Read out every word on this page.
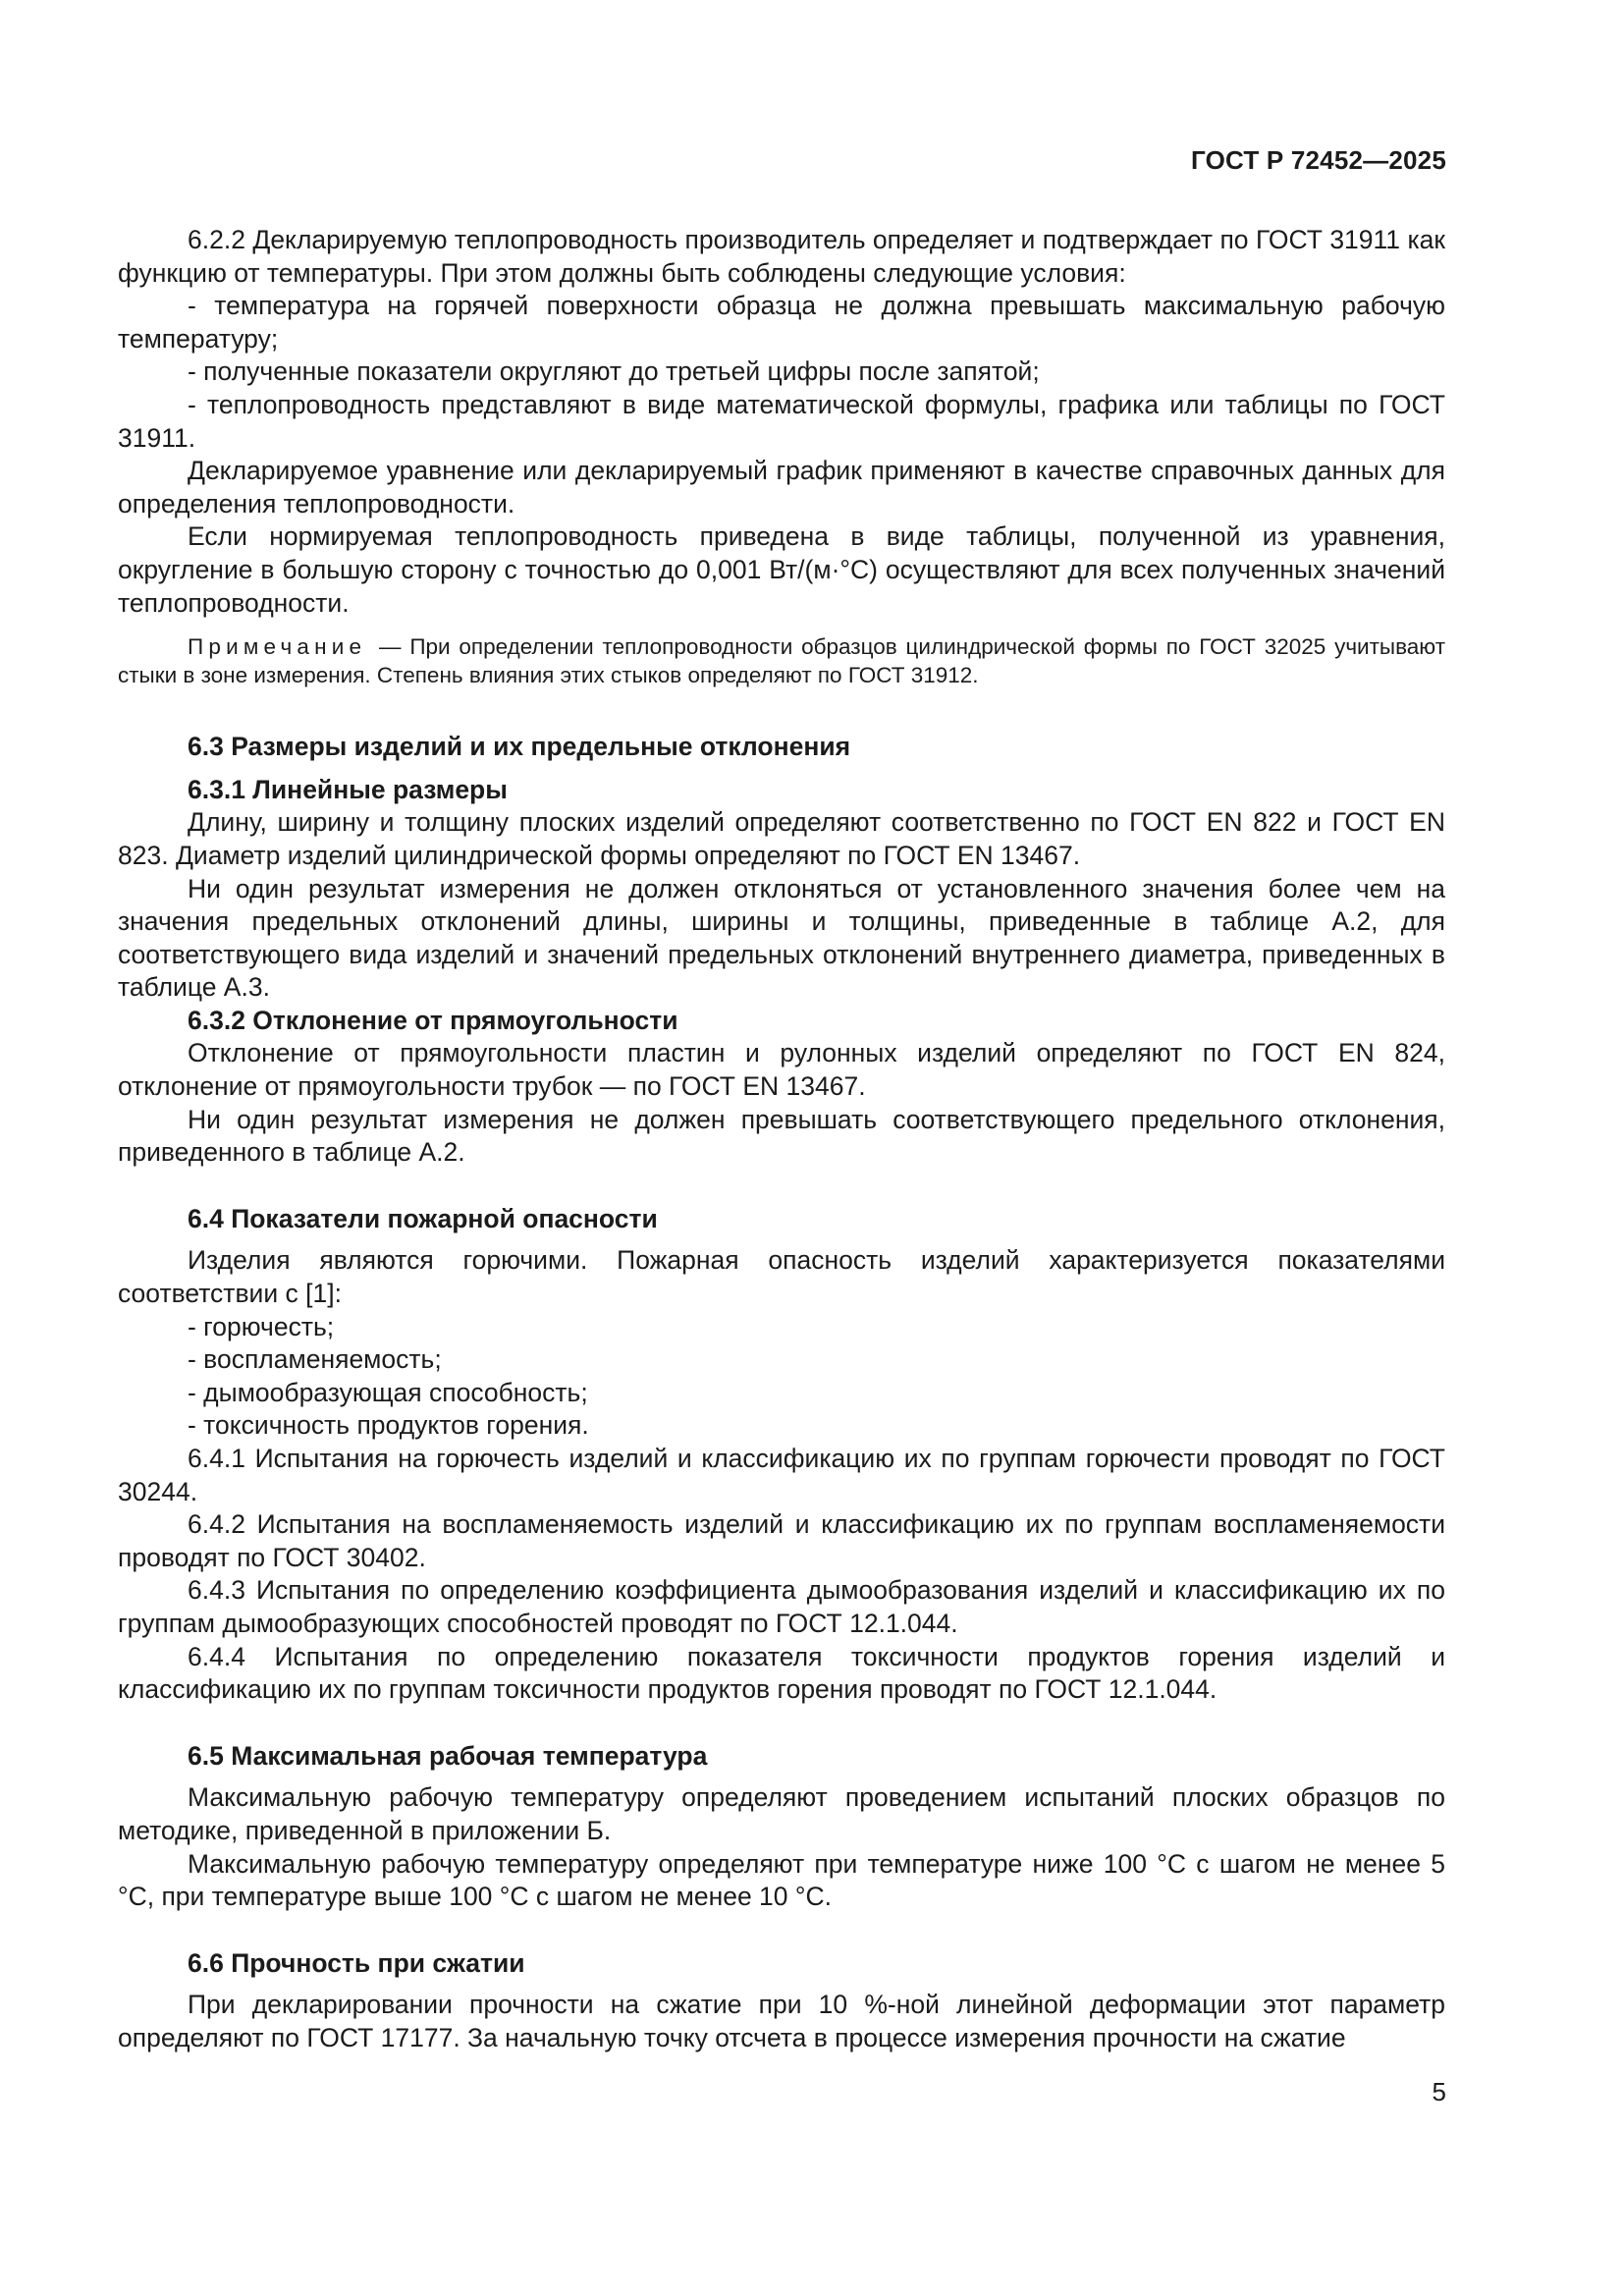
ГОСТ Р 72452—2025

6.2.2 Декларируемую теплопроводность производитель определяет и подтверждает по ГОСТ 31911 как функцию от температуры. При этом должны быть соблюдены следующие условия:

- температура на горячей поверхности образца не должна превышать максимальную рабочую температуру;

- полученные показатели округляют до третьей цифры после запятой;

- теплопроводность представляют в виде математической формулы, графика или таблицы по ГОСТ 31911.

Декларируемое уравнение или декларируемый график применяют в качестве справочных данных для определения теплопроводности.

Если нормируемая теплопроводность приведена в виде таблицы, полученной из уравнения, округление в большую сторону с точностью до 0,001 Вт/(м·°С) осуществляют для всех полученных значений теплопроводности.

Примечание — При определении теплопроводности образцов цилиндрической формы по ГОСТ 32025 учитывают стыки в зоне измерения. Степень влияния этих стыков определяют по ГОСТ 31912.

6.3 Размеры изделий и их предельные отклонения

6.3.1 Линейные размеры

Длину, ширину и толщину плоских изделий определяют соответственно по ГОСТ EN 822 и ГОСТ EN 823. Диаметр изделий цилиндрической формы определяют по ГОСТ EN 13467.

Ни один результат измерения не должен отклоняться от установленного значения более чем на значения предельных отклонений длины, ширины и толщины, приведенные в таблице А.2, для соответствующего вида изделий и значений предельных отклонений внутреннего диаметра, приведенных в таблице А.3.

6.3.2 Отклонение от прямоугольности

Отклонение от прямоугольности пластин и рулонных изделий определяют по ГОСТ EN 824, отклонение от прямоугольности трубок — по ГОСТ EN 13467.

Ни один результат измерения не должен превышать соответствующего предельного отклонения, приведенного в таблице А.2.

6.4 Показатели пожарной опасности

Изделия являются горючими. Пожарная опасность изделий характеризуется показателями соответствии с [1]:

- горючесть;

- воспламеняемость;

- дымообразующая способность;

- токсичность продуктов горения.

6.4.1 Испытания на горючесть изделий и классификацию их по группам горючести проводят по ГОСТ 30244.

6.4.2 Испытания на воспламеняемость изделий и классификацию их по группам воспламеняемости проводят по ГОСТ 30402.

6.4.3 Испытания по определению коэффициента дымообразования изделий и классификацию их по группам дымообразующих способностей проводят по ГОСТ 12.1.044.

6.4.4 Испытания по определению показателя токсичности продуктов горения изделий и классификацию их по группам токсичности продуктов горения проводят по ГОСТ 12.1.044.

6.5 Максимальная рабочая температура

Максимальную рабочую температуру определяют проведением испытаний плоских образцов по методике, приведенной в приложении Б.

Максимальную рабочую температуру определяют при температуре ниже 100 °С с шагом не менее 5 °С, при температуре выше 100 °С с шагом не менее 10 °С.

6.6 Прочность при сжатии

При декларировании прочности на сжатие при 10 %-ной линейной деформации этот параметр определяют по ГОСТ 17177. За начальную точку отсчета в процессе измерения прочности на сжатие

5
